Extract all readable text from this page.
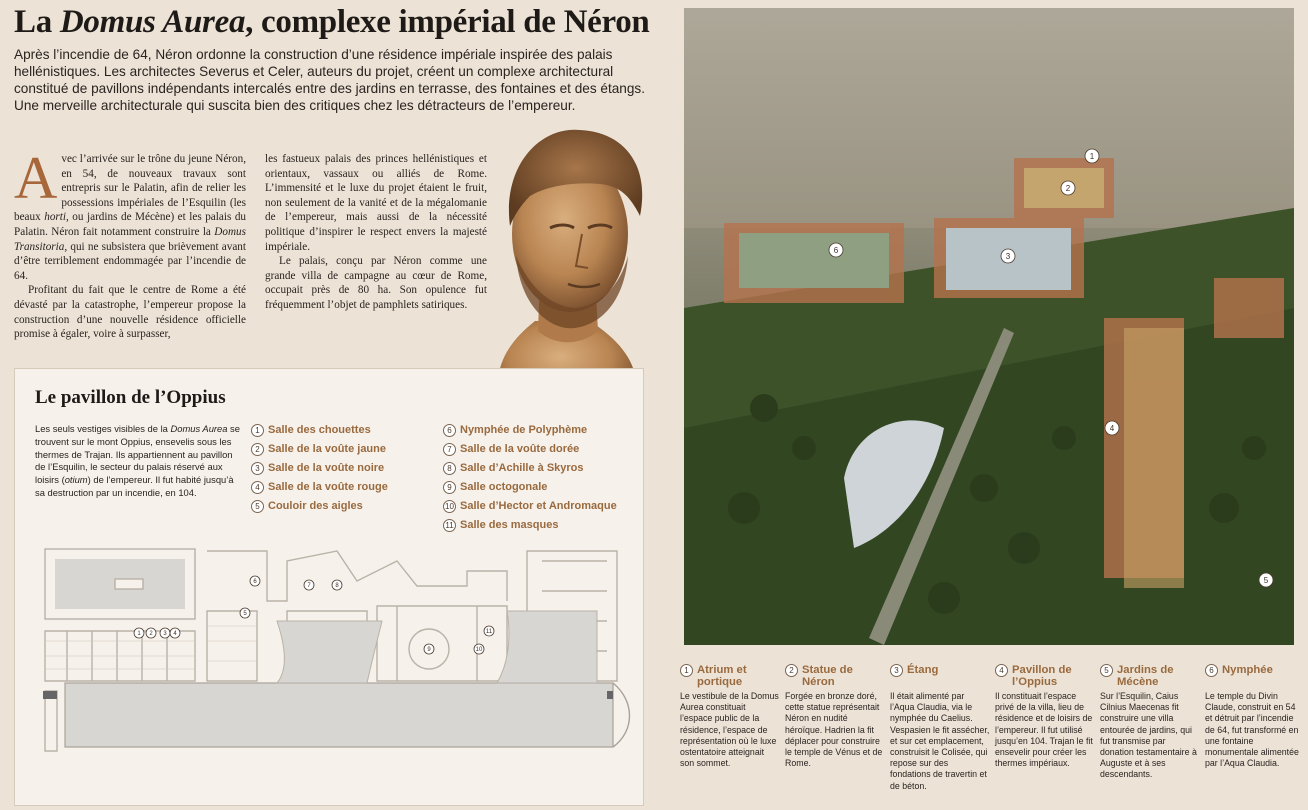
La Domus Aurea, complexe impérial de Néron

Après l’incendie de 64, Néron ordonne la construction d’une résidence impériale inspirée des palais hellénistiques. Les architectes Severus et Celer, auteurs du projet, créent un complexe architectural constitué de pavillons indépendants intercalés entre des jardins en terrasse, des fontaines et des étangs. Une merveille architecturale qui suscita bien des critiques chez les détracteurs de l’empereur.

Avec l’arrivée sur le trône du jeune Néron, en 54, de nouveaux travaux sont entrepris sur le Palatin, afin de relier les possessions impériales de l’Esquilin (les beaux horti, ou jardins de Mécène) et les palais du Palatin. Néron fait notamment construire la Domus Transitoria, qui ne subsistera que brièvement avant d’être terriblement endommagée par l’incendie de 64.

Profitant du fait que le centre de Rome a été dévasté par la catastrophe, l’empereur propose la construction d’une nouvelle résidence officielle promise à égaler, voire à surpasser,

les fastueux palais des princes hellénistiques et orientaux, vassaux ou alliés de Rome. L’immensité et le luxe du projet étaient le fruit, non seulement de la vanité et de la mégalomanie de l’empereur, mais aussi de la nécessité politique d’inspirer le respect envers la majesté impériale.

Le palais, conçu par Néron comme une grande villa de campagne au cœur de Rome, occupait près de 80 ha. Son opulence fut fréquemment l’objet de pamphlets satiriques.

Le pavillon de l’Oppius

Les seuls vestiges visibles de la Domus Aurea se trouvent sur le mont Oppius, ensevelis sous les thermes de Trajan. Ils appartiennent au pavillon de l’Esquilin, le secteur du palais réservé aux loisirs (otium) de l’empereur. Il fut habité jusqu’à sa destruction par un incendie, en 104.

1 Salle des chouettes
2 Salle de la voûte jaune
3 Salle de la voûte noire
4 Salle de la voûte rouge
5 Couloir des aigles
6 Nymphée de Polyphème
7 Salle de la voûte dorée
8 Salle d’Achille à Skyros
9 Salle octogonale
10 Salle d’Hector et Andromaque
11 Salle des masques
1 2 3 4
5
6
7	8
9	10
11
1
2
3
4
5
6
1 Atrium et portique
Le vestibule de la Domus Aurea constituait l’espace public de la résidence, l’espace de représentation où le luxe ostentatoire atteignait son sommet.
2 Statue de Néron
Forgée en bronze doré, cette statue représentait Néron en nudité héroïque. Hadrien la fit déplacer pour construire le temple de Vénus et de Rome.
3 Étang
Il était alimenté par l’Aqua Claudia, via le nymphée du Caelius. Vespasien le fit assécher, et sur cet emplacement, construisit le Colisée, qui repose sur des fondations de travertin et de béton.
4 Pavillon de l’Oppius
Il constituait l’espace privé de la villa, lieu de résidence et de loisirs de l’empereur. Il fut utilisé jusqu’en 104. Trajan le fit ensevelir pour créer les thermes impériaux.
5 Jardins de Mécène
Sur l’Esquilin, Caius Cilnius Maecenas fit construire une villa entourée de jardins, qui fut transmise par donation testamentaire à Auguste et à ses descendants.
6 Nymphée
Le temple du Divin Claude, construit en 54 et détruit par l’incendie de 64, fut transformé en une fontaine monumentale alimentée par l’Aqua Claudia.
